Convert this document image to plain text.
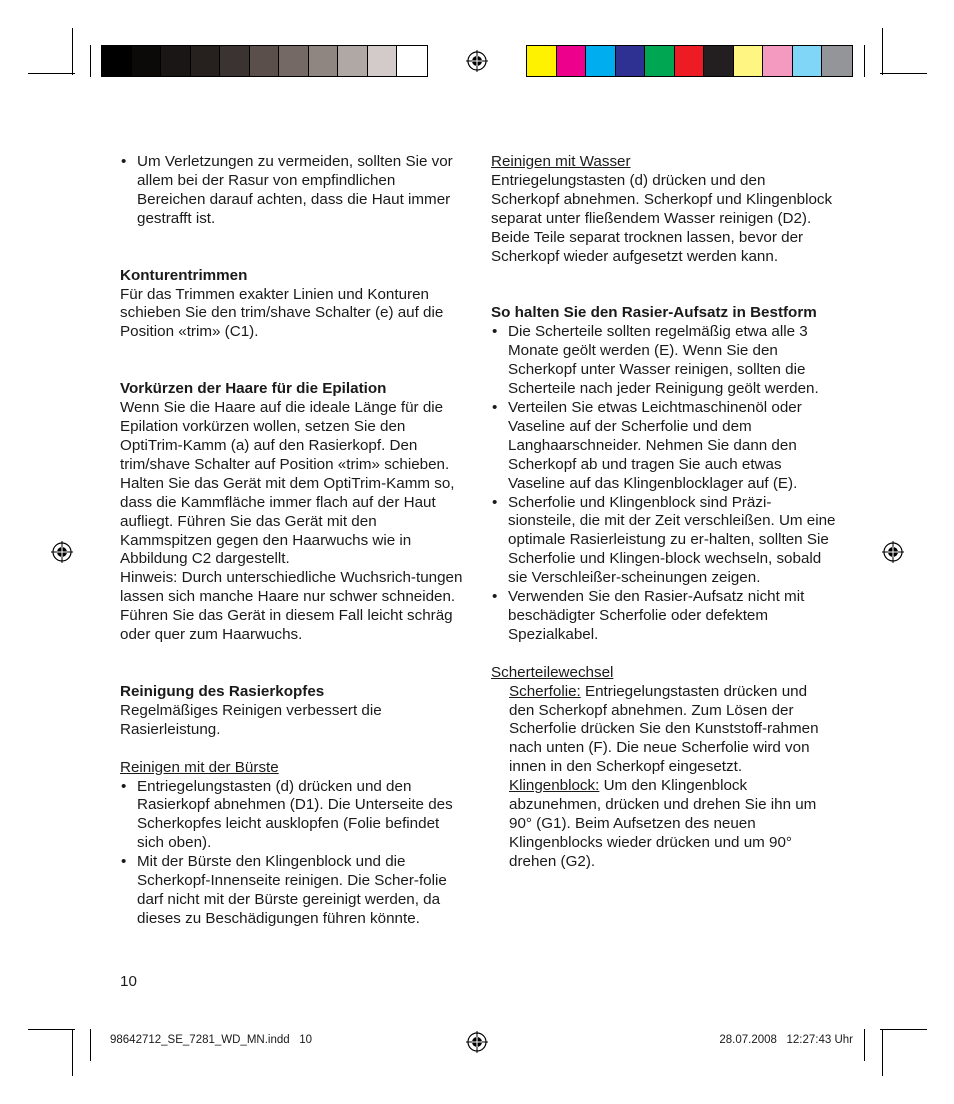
• Um Verletzungen zu vermeiden, sollten Sie vor allem bei der Rasur von empfindlichen Bereichen darauf achten, dass die Haut immer gestrafft ist.

Konturentrimmen

Für das Trimmen exakter Linien und Konturen schieben Sie den trim/shave Schalter (e) auf die Position «trim» (C1).

Vorkürzen der Haare für die Epilation

Wenn Sie die Haare auf die ideale Länge für die Epilation vorkürzen wollen, setzen Sie den OptiTrim-Kamm (a) auf den Rasierkopf. Den trim/shave Schalter auf Position «trim» schieben.

Halten Sie das Gerät mit dem OptiTrim-Kamm so, dass die Kammfläche immer flach auf der Haut aufliegt. Führen Sie das Gerät mit den Kammspitzen gegen den Haarwuchs wie in Abbildung C2 dargestellt.

Hinweis: Durch unterschiedliche Wuchsrich-tungen lassen sich manche Haare nur schwer schneiden. Führen Sie das Gerät in diesem Fall leicht schräg oder quer zum Haarwuchs.

Reinigung des Rasierkopfes

Regelmäßiges Reinigen verbessert die Rasierleistung.

Reinigen mit der Bürste

• Entriegelungstasten (d) drücken und den Rasierkopf abnehmen (D1). Die Unterseite des Scherkopfes leicht ausklopfen (Folie befindet sich oben).
• Mit der Bürste den Klingenblock und die Scherkopf-Innenseite reinigen. Die Scher-folie darf nicht mit der Bürste gereinigt werden, da dieses zu Beschädigungen führen könnte.

Reinigen mit Wasser

Entriegelungstasten (d) drücken und den Scherkopf abnehmen. Scherkopf und Klingenblock separat unter fließendem Wasser reinigen (D2). Beide Teile separat trocknen lassen, bevor der Scherkopf wieder aufgesetzt werden kann.

So halten Sie den Rasier-Aufsatz in Bestform

• Die Scherteile sollten regelmäßig etwa alle 3 Monate geölt werden (E). Wenn Sie den Scherkopf unter Wasser reinigen, sollten die Scherteile nach jeder Reinigung geölt werden.
• Verteilen Sie etwas Leichtmaschinenöl oder Vaseline auf der Scherfolie und dem Langhaarschneider. Nehmen Sie dann den Scherkopf ab und tragen Sie auch etwas Vaseline auf das Klingenblocklager auf (E).
• Scherfolie und Klingenblock sind Präzi-sionsteile, die mit der Zeit verschleißen. Um eine optimale Rasierleistung zu er-halten, sollten Sie Scherfolie und Klingen-block wechseln, sobald sie Verschleißer-scheinungen zeigen.
• Verwenden Sie den Rasier-Aufsatz nicht mit beschädigter Scherfolie oder defektem Spezialkabel.

Scherteilewechsel

Scherfolie: Entriegelungstasten drücken und den Scherkopf abnehmen. Zum Lösen der Scherfolie drücken Sie den Kunststoff-rahmen nach unten (F). Die neue Scherfolie wird von innen in den Scherkopf eingesetzt.

Klingenblock: Um den Klingenblock abzunehmen, drücken und drehen Sie ihn um 90° (G1). Beim Aufsetzen des neuen Klingenblocks wieder drücken und um 90° drehen (G2).

10
98642712_SE_7281_WD_MN.indd   10	28.07.2008   12:27:43 Uhr
